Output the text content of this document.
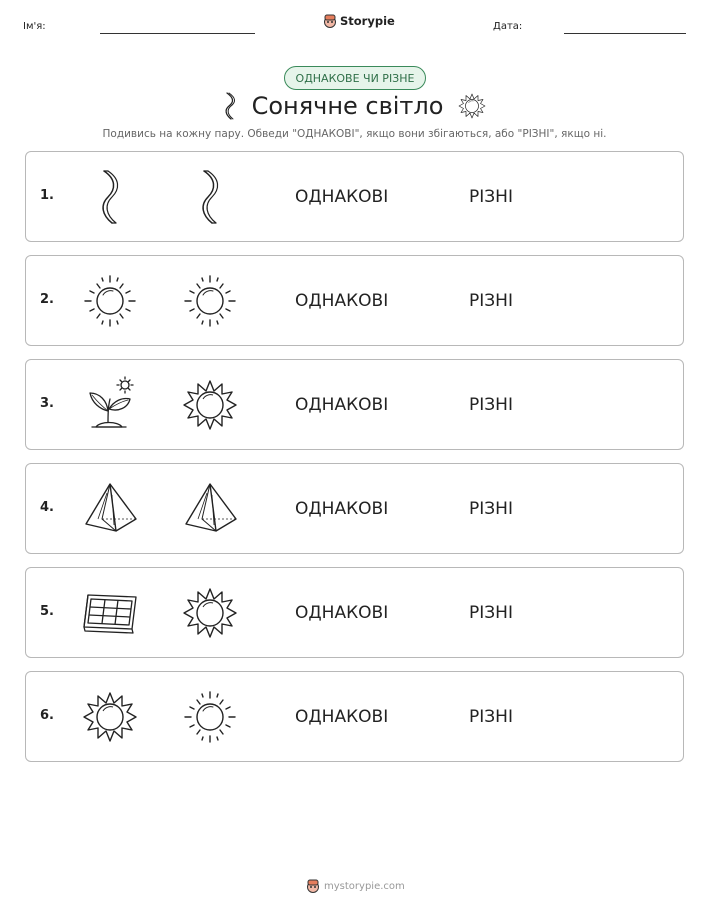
Ім'я:	Storypie	Дата:
ОДНАКОВЕ ЧИ РІЗНЕ
Сонячне світло
Подивись на кожну пару. Обведи "ОДНАКОВІ", якщо вони збігаються, або "РІЗНІ", якщо ні.
1.	ОДНАКОВІ	РІЗНІ
2.	ОДНАКОВІ	РІЗНІ
3.	ОДНАКОВІ	РІЗНІ
4.	ОДНАКОВІ	РІЗНІ
5.	ОДНАКОВІ	РІЗНІ
6.	ОДНАКОВІ	РІЗНІ
mystorypie.com
